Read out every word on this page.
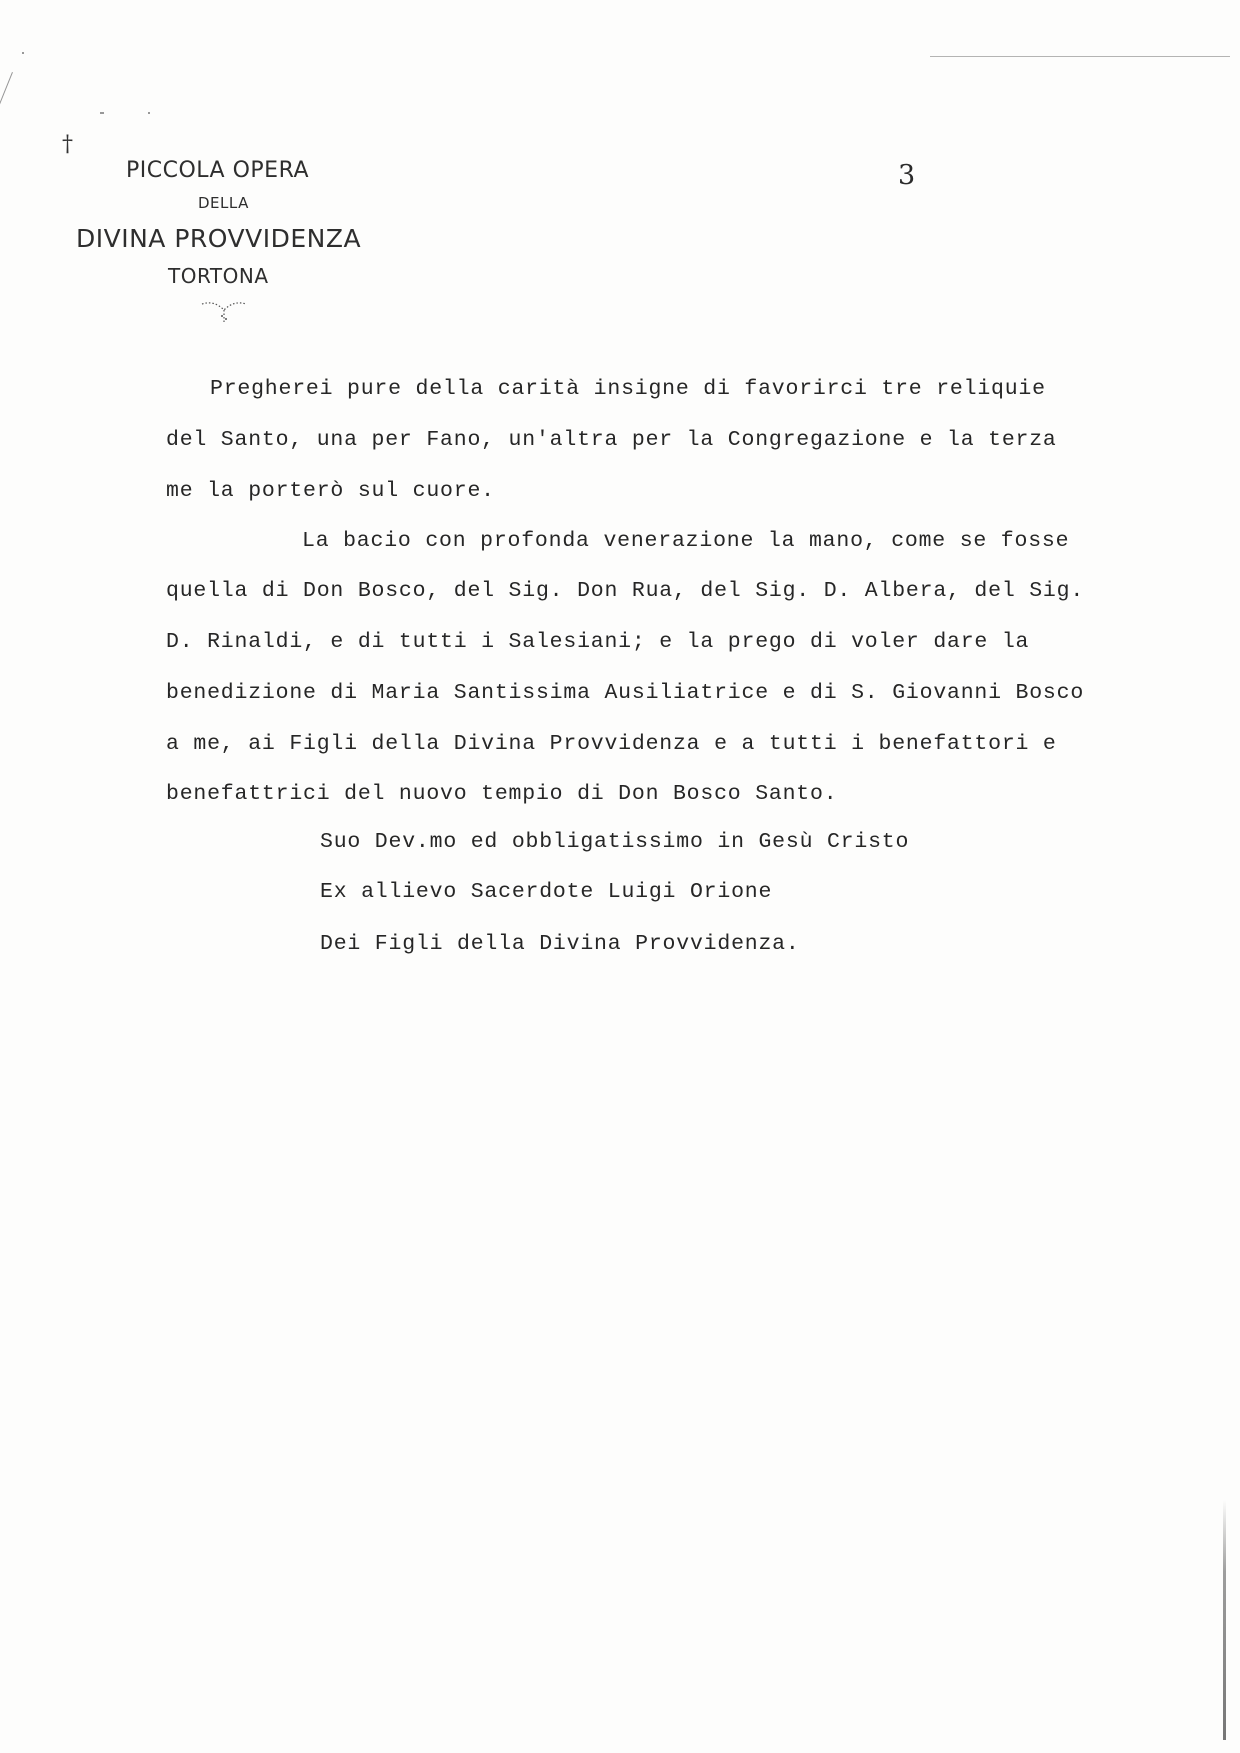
†
PICCOLA OPERA
DELLA
DIVINA PROVVIDENZA
TORTONA
3
Pregherei pure della carità insigne di favorirci tre reliquie
del Santo, una per Fano, un'altra per la Congregazione e la terza
me la porterò sul cuore.
La bacio con profonda venerazione la mano, come se fosse
quella di Don Bosco, del Sig. Don Rua, del Sig. D. Albera, del Sig.
D. Rinaldi, e di tutti i Salesiani; e la prego di voler dare la
benedizione di Maria Santissima Ausiliatrice e di S. Giovanni Bosco
a me, ai Figli della Divina Provvidenza e a tutti i benefattori e
benefattrici del nuovo tempio di Don Bosco Santo.
Suo Dev.mo ed obbligatissimo in Gesù Cristo
Ex allievo Sacerdote Luigi Orione
Dei Figli della Divina Provvidenza.
